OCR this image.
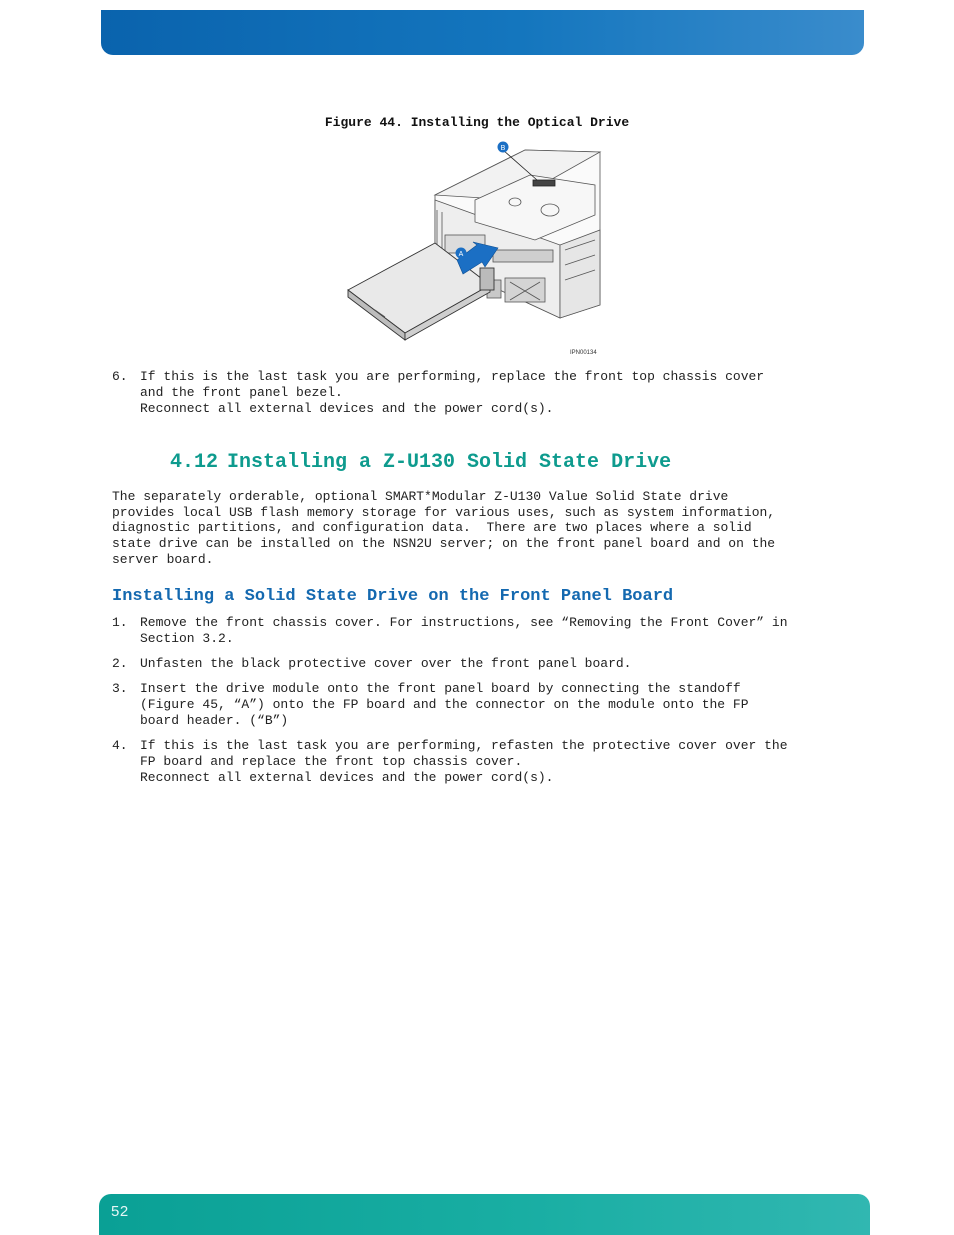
Figure 44. Installing the Optical Drive
B
A
IPN00134
6. If this is the last task you are performing, replace the front top chassis cover
and the front panel bezel.
Reconnect all external devices and the power cord(s).
4.12 Installing a Z-U130 Solid State Drive
The separately orderable, optional SMART*Modular Z-U130 Value Solid State drive
provides local USB flash memory storage for various uses, such as system information,
diagnostic partitions, and configuration data.  There are two places where a solid
state drive can be installed on the NSN2U server; on the front panel board and on the
server board.
Installing a Solid State Drive on the Front Panel Board
1. Remove the front chassis cover. For instructions, see “Removing the Front Cover” in
Section 3.2.
2. Unfasten the black protective cover over the front panel board.
3. Insert the drive module onto the front panel board by connecting the standoff
(Figure 45, “A”) onto the FP board and the connector on the module onto the FP
board header. (“B”)
4. If this is the last task you are performing, refasten the protective cover over the
FP board and replace the front top chassis cover.
Reconnect all external devices and the power cord(s).
52
